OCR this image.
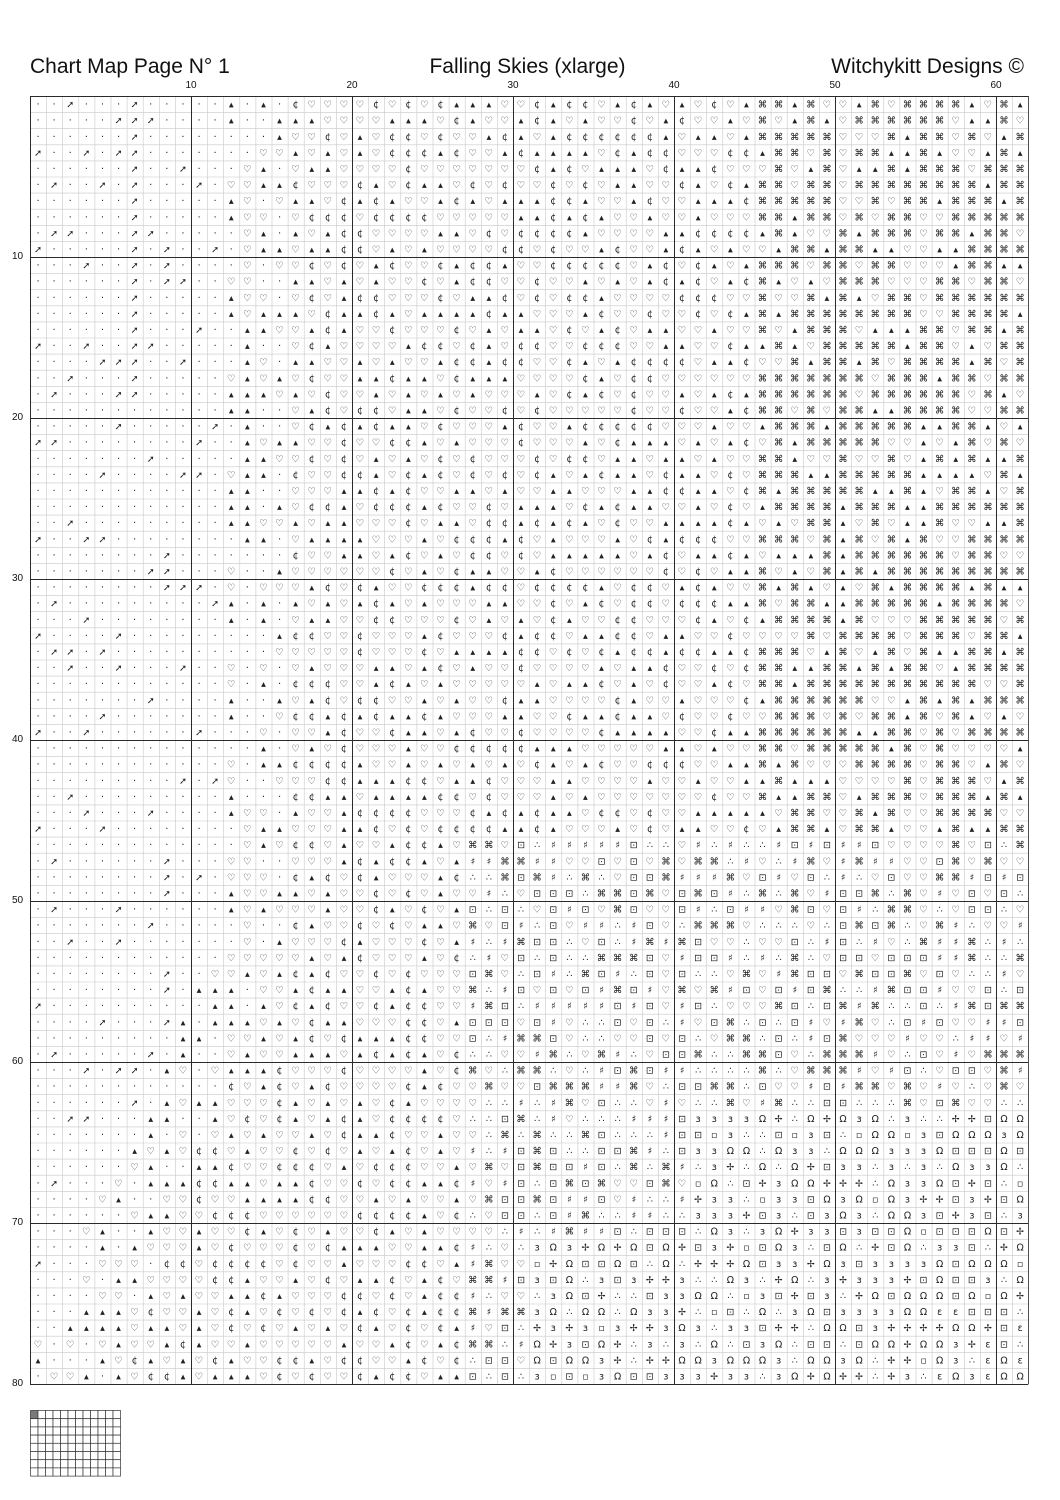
Chart Map Page N° 1	Falling Skies (xlarge)	Witchykitt Designs ©
10	20	30	40	50	60
10
20
30
40
50
60
70
80
· · ➚ · · · ➚ · · · · · ▴ · ▴ · ¢ ♡ ♡ ♡ ♡ ¢ ♡ ¢ ♡ ¢ ▴ ▴ ▴ ♡ ♡ ¢ ▴ ¢ ¢ ♡ ▴ ¢ ▴ ♡ ▴ ♡ ¢ ♡ ▴ ⌘ ⌘ ▴ ⌘ ♡ ♡ ▴ ⌘ ♡ ⌘ ⌘ ⌘ ⌘ ▴ ♡ ⌘ ▴
· · · · · ➚ ➚ ➚ · · · · ▴ · · ▴ ▴ ▴ ♡ ♡ ♡ ♡ ▴ ▴ ▴ ♡ ¢ ▴ ♡ ♡ ▴ ¢ ▴ ♡ ▴ ♡ ♡ ¢ ♡ ▴ ¢ ♡ ♡ ▴ ♡ ⌘ ♡ ▴ ⌘ ▴ ♡ ⌘ ⌘ ⌘ ⌘ ⌘ ⌘ ♡ ▴ ▴ ⌘ ♡
· · · · · · ➚ · · · · · · · · ▴ ♡ ♡ ¢ ♡ ▴ ♡ ¢ ¢ ♡ ¢ ♡ ♡ ▴ ¢ ▴ ♡ ▴ ¢ ¢ ¢ ¢ ¢ ¢ ▴ ♡ ▴ ▴ ♡ ▴ ⌘ ⌘ ⌘ ⌘ ⌘ ♡ ♡ ♡ ⌘ ▴ ⌘ ⌘ ♡ ⌘ ♡ ▴ ⌘
➚ · · ➚ · ➚ ➚ · · · · · · · ♡ ♡ ▴ ♡ ▴ ♡ ▴ ♡ ¢ ¢ ¢ ▴ ¢ ♡ ♡ ▴ ¢ ▴ ▴ ▴ ▴ ♡ ¢ ▴ ¢ ¢ ♡ ♡ ♡ ¢ ¢ ▴ ⌘ ⌘ ♡ ⌘ ♡ ⌘ ⌘ ▴ ▴ ⌘ ▴ ♡ ♡ ▴ ⌘ ▴
· · · · · · ➚ · · ➚ · · · ♡ ▴ · ♡ ▴ ▴ ♡ ♡ ♡ ♡ ¢ ♡ ♡ ♡ ♡ ♡ ♡ ♡ ¢ ▴ ¢ ♡ ▴ ▴ ▴ ♡ ¢ ▴ ▴ ¢ ♡ ♡ ♡ ⌘ ♡ ▴ ⌘ ♡ ▴ ▴ ⌘ ▴ ⌘ ⌘ ⌘ ♡ ⌘ ⌘ ⌘
· ➚ · · ➚ · ➚ · · · ➚ · ♡ ♡ ▴ ▴ ¢ ♡ ♡ ♡ ¢ ▴ ♡ ¢ ▴ ▴ ♡ ¢ ♡ ¢ ♡ ♡ ¢ ♡ ¢ ♡ ▴ ▴ ♡ ♡ ¢ ▴ ♡ ¢ ▴ ⌘ ⌘ ♡ ⌘ ⌘ ♡ ⌘ ⌘ ⌘ ⌘ ⌘ ⌘ ⌘ ⌘ ▴ ⌘ ⌘
· · · · · · ➚ · · · · · ▴ ♡ · ♡ ▴ ▴ ♡ ¢ ▴ ¢ ▴ ♡ ♡ ▴ ¢ ▴ ♡ ▴ ▴ ▴ ¢ ¢ ▴ ♡ ♡ ▴ ¢ ♡ ♡ ▴ ▴ ▴ ¢ ⌘ ⌘ ⌘ ⌘ ⌘ ♡ ♡ ⌘ ♡ ⌘ ⌘ ▴ ⌘ ⌘ ⌘ ▴ ⌘
· · · · · · ➚ · · · · · ▴ ♡ ♡ · ♡ ¢ ¢ ¢ ♡ ¢ ¢ ¢ ¢ ♡ ♡ ♡ ♡ ♡ ▴ ▴ ¢ ▴ ¢ ▴ ♡ ♡ ▴ ♡ ♡ ▴ ♡ ♡ ♡ ⌘ ⌘ ▴ ⌘ ⌘ ♡ ⌘ ♡ ⌘ ⌘ ♡ ♡ ⌘ ⌘ ⌘ ⌘ ⌘
· ➚ ➚ · · · ➚ ➚ · · · · · ♡ ▴ · ▴ ♡ ▴ ¢ ¢ ♡ ♡ ♡ ♡ ▴ ▴ ♡ ¢ ♡ ¢ ¢ ¢ ¢ ▴ ♡ ♡ ♡ ♡ ▴ ▴ ¢ ¢ ¢ ¢ ▴ ⌘ ▴ ♡ ♡ ⌘ ▴ ⌘ ⌘ ⌘ ♡ ⌘ ⌘ ▴ ⌘ ⌘ ♡
➚ · · · · · ➚ · ➚ · · ➚ · ♡ ▴ ▴ ♡ ▴ ▴ ¢ ¢ ♡ ▴ ♡ ▴ ♡ ♡ ♡ ♡ ¢ ¢ ♡ ¢ ♡ ♡ ▴ ¢ ♡ ♡ ▴ ¢ ▴ ♡ ▴ ♡ ♡ ▴ ⌘ ⌘ ▴ ⌘ ⌘ ▴ ▴ ♡ ♡ ▴ ▴ ⌘ ⌘ ⌘ ⌘
· · · ➚ · · ➚ · ➚ · · · · ♡ · ♡ ♡ ¢ ♡ ¢ ♡ ▴ ¢ ♡ ♡ ¢ ▴ ¢ ¢ ▴ ♡ ♡ ¢ ¢ ¢ ¢ ¢ ♡ ▴ ¢ ♡ ¢ ▴ ♡ ▴ ⌘ ⌘ ⌘ ♡ ⌘ ⌘ ♡ ⌘ ⌘ ♡ ♡ ♡ ▴ ⌘ ⌘ ▴ ▴
· · · · · · ➚ · ➚ ➚ · · ♡ ♡ · · ▴ ▴ ♡ ▴ ♡ ▴ ♡ ♡ ¢ ♡ ▴ ¢ ¢ ♡ ♡ ¢ ♡ ♡ ▴ ♡ ▴ ♡ ▴ ¢ ▴ ¢ ♡ ▴ ¢ ⌘ ▴ ♡ ▴ ♡ ⌘ ⌘ ⌘ ♡ ♡ ♡ ⌘ ⌘ ♡ ⌘ ⌘ ♡
· · · · · · ➚ · · · · · ▴ ♡ ♡ · ♡ ¢ ♡ ▴ ¢ ¢ ♡ ♡ ♡ ¢ ♡ ▴ ▴ ¢ ♡ ¢ ♡ ¢ ¢ ▴ ♡ ♡ ♡ ♡ ¢ ¢ ¢ ♡ ♡ ⌘ ♡ ♡ ⌘ ▴ ⌘ ▴ ♡ ⌘ ⌘ ♡ ⌘ ⌘ ⌘ ⌘ ⌘ ⌘
· · · · · · ➚ · · · · · ▴ ♡ ▴ ▴ ▴ ♡ ¢ ▴ ▴ ¢ ▴ ♡ ▴ ▴ ▴ ▴ ¢ ▴ ▴ ♡ ♡ ♡ ▴ ¢ ♡ ♡ ¢ ♡ ♡ ¢ ♡ ¢ ▴ ⌘ ▴ ⌘ ⌘ ⌘ ⌘ ⌘ ⌘ ⌘ ⌘ ♡ ♡ ⌘ ⌘ ⌘ ⌘ ▴
· · · · · · ➚ · · · ➚ · · ▴ ▴ ♡ ♡ ▴ ¢ ▴ ♡ ♡ ¢ ♡ ♡ ♡ ¢ ♡ ▴ ♡ ▴ ▴ ♡ ¢ ♡ ▴ ¢ ♡ ▴ ▴ ♡ ♡ ▴ ♡ ♡ ⌘ ♡ ▴ ⌘ ⌘ ⌘ ♡ ▴ ▴ ▴ ⌘ ⌘ ♡ ⌘ ⌘ ▴ ⌘
➚ · · ➚ · · ➚ ➚ · · · · · ▴ · · ♡ ¢ ▴ ♡ ♡ ♡ ♡ ▴ ¢ ¢ ♡ ¢ ▴ ♡ ¢ ¢ ♡ ♡ ¢ ¢ ¢ ♡ ♡ ▴ ▴ ♡ ♡ ¢ ▴ ▴ ⌘ ▴ ♡ ⌘ ⌘ ⌘ ⌘ ⌘ ▴ ⌘ ⌘ ♡ ▴ ♡ ⌘ ⌘
· · · · ➚ ➚ ➚ · · ➚ · · · ▴ ♡ · ▴ ▴ ♡ ♡ ▴ ♡ ▴ ♡ ♡ ▴ ¢ ¢ ▴ ¢ ¢ ♡ ♡ ¢ ▴ ♡ ▴ ¢ ¢ ¢ ¢ ♡ ▴ ▴ ¢ ♡ ♡ ⌘ ▴ ⌘ ⌘ ▴ ⌘ ♡ ⌘ ⌘ ⌘ ⌘ ▴ ⌘ ♡ ⌘
· · ➚ · · · ➚ · · · · · ♡ ▴ ♡ ▴ ♡ ¢ ♡ ♡ ▴ ▴ ¢ ▴ ▴ ♡ ¢ ▴ ▴ ▴ ♡ ♡ ♡ ♡ ¢ ▴ ♡ ¢ ¢ ♡ ♡ ♡ ♡ ♡ ♡ ⌘ ⌘ ⌘ ⌘ ⌘ ⌘ ⌘ ♡ ⌘ ⌘ ⌘ ▴ ⌘ ⌘ ♡ ⌘ ⌘
· ➚ · · · ➚ ➚ · · · · · ▴ ▴ ▴ ♡ ▴ ♡ ¢ ♡ ♡ ▴ ♡ ▴ ♡ ▴ ♡ ▴ ♡ ♡ ♡ ▴ ♡ ¢ ▴ ¢ ♡ ¢ ♡ ♡ ▴ ♡ ▴ ¢ ▴ ⌘ ⌘ ⌘ ⌘ ⌘ ⌘ ♡ ⌘ ⌘ ⌘ ⌘ ⌘ ⌘ ♡ ⌘ ▴ ♡
· · · · · · · · · · · · ▴ ▴ · · ♡ ▴ ¢ ♡ ¢ ¢ ♡ ▴ ▴ ♡ ¢ ♡ ♡ ¢ ♡ ¢ ♡ ♡ ♡ ♡ ♡ ¢ ♡ ♡ ¢ ♡ ♡ ▴ ¢ ⌘ ⌘ ♡ ⌘ ♡ ⌘ ⌘ ▴ ▴ ⌘ ⌘ ⌘ ⌘ ♡ ♡ ⌘ ⌘
· · · · · ➚ · · · · · ➚ · ▴ · · ♡ ¢ ▴ ¢ ▴ ¢ ▴ ▴ ♡ ¢ ♡ ♡ ♡ ▴ ¢ ♡ ♡ ▴ ¢ ¢ ¢ ¢ ¢ ♡ ♡ ♡ ▴ ♡ ♡ ▴ ⌘ ⌘ ⌘ ▴ ⌘ ⌘ ⌘ ⌘ ⌘ ▴ ▴ ⌘ ⌘ ▴ ♡ ▴
➚ ➚ · · · · · · · · ➚ · · ▴ ♡ ▴ ▴ ♡ ♡ ¢ ♡ ♡ ¢ ¢ ▴ ♡ ▴ ♡ ♡ ♡ ¢ ♡ ♡ ♡ ▴ ♡ ¢ ▴ ▴ ▴ ♡ ▴ ♡ ▴ ¢ ♡ ⌘ ▴ ⌘ ⌘ ⌘ ⌘ ⌘ ♡ ♡ ▴ ♡ ▴ ⌘ ♡ ⌘ ♡
· · · · · · · ➚ · · · · · ▴ ▴ ♡ ♡ ¢ ♡ ¢ ♡ ▴ ♡ ▴ ♡ ¢ ♡ ¢ ♡ ♡ ♡ ¢ ♡ ¢ ¢ ♡ ▴ ▴ ♡ ▴ ▴ ♡ ▴ ♡ ♡ ⌘ ⌘ ▴ ♡ ♡ ⌘ ♡ ♡ ⌘ ♡ ▴ ⌘ ▴ ⌘ ▴ ▴ ⌘
· · · · ➚ · · · · ➚ ➚ · ♡ ▴ ▴ · ¢ ♡ ♡ ¢ ¢ ▴ ♡ ¢ ▴ ¢ ♡ ¢ ♡ ¢ ♡ ¢ ▴ ♡ ▴ ¢ ▴ ▴ ♡ ¢ ▴ ▴ ♡ ¢ ♡ ⌘ ⌘ ⌘ ▴ ▴ ⌘ ⌘ ⌘ ⌘ ⌘ ▴ ▴ ▴ ▴ ♡ ⌘ ▴
· · · · · · · · · · · · ▴ ▴ · · ♡ ♡ ♡ ▴ ▴ ¢ ▴ ¢ ♡ ♡ ▴ ▴ ♡ ▴ ♡ ♡ ▴ ▴ ♡ ♡ ♡ ▴ ▴ ¢ ¢ ▴ ▴ ♡ ¢ ⌘ ▴ ⌘ ⌘ ⌘ ⌘ ⌘ ▴ ▴ ⌘ ▴ ♡ ⌘ ⌘ ▴ ♡ ⌘
· · · · · · · · · · · · ▴ ▴ · ▴ ♡ ¢ ¢ ▴ ♡ ¢ ¢ ¢ ▴ ¢ ♡ ♡ ¢ ♡ ▴ ▴ ▴ ♡ ¢ ▴ ¢ ▴ ▴ ♡ ♡ ▴ ♡ ¢ ♡ ▴ ⌘ ⌘ ⌘ ⌘ ▴ ⌘ ⌘ ⌘ ▴ ▴ ⌘ ⌘ ⌘ ⌘ ⌘ ⌘
· · ➚ · · · · · · · · · ▴ ▴ ♡ ♡ ▴ ♡ ▴ ▴ ♡ ♡ ♡ ¢ ♡ ▴ ▴ ♡ ¢ ¢ ▴ ¢ ▴ ¢ ▴ ♡ ¢ ♡ ♡ ▴ ▴ ▴ ▴ ¢ ▴ ♡ ▴ ♡ ⌘ ⌘ ▴ ♡ ⌘ ♡ ▴ ▴ ⌘ ♡ ♡ ▴ ▴ ⌘
➚ · · ➚ ➚ · · · · · · · · ▴ ▴ · ♡ ▴ ▴ ▴ ▴ ♡ ♡ ♡ ▴ ♡ ¢ ¢ ¢ ▴ ¢ ♡ ▴ ♡ ♡ ♡ ▴ ♡ ¢ ▴ ¢ ¢ ¢ ♡ ♡ ⌘ ⌘ ⌘ ♡ ⌘ ▴ ⌘ ♡ ⌘ ▴ ⌘ ♡ ♡ ⌘ ⌘ ⌘ ⌘
· · · · · · · · ➚ · · · · · · · ¢ ♡ ♡ ▴ ▴ ♡ ▴ ¢ ♡ ▴ ♡ ¢ ¢ ♡ ¢ ♡ ▴ ▴ ▴ ▴ ▴ ♡ ▴ ¢ ♡ ▴ ▴ ¢ ▴ ♡ ▴ ▴ ▴ ⌘ ▴ ⌘ ⌘ ⌘ ⌘ ⌘ ⌘ ♡ ⌘ ⌘ ♡ ♡
· · · · · · · ➚ ➚ · · · ♡ · · ▴ ♡ ♡ ♡ ♡ ♡ ♡ ¢ ♡ ▴ ♡ ¢ ▴ ▴ ♡ ♡ ▴ ¢ ♡ ♡ ♡ ♡ ♡ ♡ ¢ ♡ ¢ ♡ ▴ ▴ ⌘ ♡ ▴ ♡ ⌘ ▴ ⌘ ▴ ⌘ ⌘ ⌘ ⌘ ⌘ ⌘ ⌘ ⌘ ⌘
· · · · · · · · ➚ ➚ ➚ · ♡ · ♡ ♡ ♡ ▴ ¢ ♡ ¢ ▴ ♡ ♡ ¢ ¢ ¢ ▴ ¢ ¢ ♡ ¢ ¢ ¢ ¢ ▴ ♡ ¢ ¢ ♡ ▴ ¢ ▴ ♡ ♡ ⌘ ▴ ⌘ ▴ ♡ ▴ ♡ ⌘ ▴ ⌘ ⌘ ⌘ ⌘ ▴ ⌘ ▴ ▴
· ➚ · · · · · · · · · ➚ ▴ · ▴ · ▴ ♡ ▴ ♡ ▴ ¢ ▴ ♡ ▴ ♡ ♡ ♡ ▴ ▴ ♡ ♡ ¢ ♡ ▴ ¢ ♡ ¢ ¢ ♡ ¢ ¢ ¢ ▴ ▴ ⌘ ♡ ⌘ ⌘ ▴ ▴ ⌘ ⌘ ⌘ ⌘ ⌘ ▴ ⌘ ⌘ ⌘ ⌘ ♡
· · · ➚ · · · · · · · · ▴ · ▴ · ♡ ▴ ▴ ♡ ♡ ¢ ¢ ♡ ♡ ♡ ¢ ♡ ▴ ♡ ▴ ♡ ¢ ▴ ♡ ♡ ¢ ¢ ♡ ♡ ♡ ¢ ▴ ♡ ¢ ▴ ⌘ ⌘ ⌘ ⌘ ▴ ⌘ ♡ ♡ ♡ ⌘ ⌘ ⌘ ⌘ ⌘ ♡ ⌘
➚ · · · · ➚ · · · · · · · · · ▴ ¢ ¢ ♡ ♡ ¢ ♡ ♡ ♡ ▴ ¢ ♡ ♡ ♡ ¢ ▴ ¢ ¢ ♡ ▴ ▴ ¢ ¢ ♡ ▴ ▴ ♡ ♡ ¢ ♡ ♡ ♡ ♡ ⌘ ♡ ⌘ ⌘ ⌘ ⌘ ♡ ⌘ ⌘ ⌘ ♡ ⌘ ⌘ ▴
· ➚ ➚ · ➚ · · · · · · · · · · ♡ ♡ ♡ ♡ ♡ ¢ ♡ ♡ ♡ ¢ ♡ ▴ ▴ ▴ ▴ ¢ ¢ ♡ ¢ ♡ ¢ ▴ ¢ ¢ ▴ ¢ ¢ ▴ ▴ ¢ ⌘ ⌘ ⌘ ♡ ▴ ⌘ ♡ ▴ ⌘ ♡ ⌘ ▴ ▴ ⌘ ⌘ ▴ ⌘
· · ➚ · · ➚ · · · ➚ · · ♡ · ♡ · ♡ ▴ ♡ ♡ ♡ ▴ ▴ ♡ ▴ ¢ ♡ ▴ ♡ ♡ ¢ ♡ ♡ ♡ ♡ ▴ ♡ ▴ ▴ ¢ ♡ ♡ ¢ ♡ ¢ ⌘ ⌘ ▴ ▴ ⌘ ⌘ ▴ ⌘ ▴ ⌘ ⌘ ♡ ▴ ⌘ ⌘ ⌘ ⌘
· · · · · · · · · · · · ♡ · ▴ · ¢ ¢ ¢ ♡ ♡ ▴ ¢ ▴ ♡ ▴ ♡ ♡ ♡ ♡ ♡ ▴ ♡ ▴ ▴ ¢ ♡ ▴ ♡ ¢ ♡ ♡ ▴ ¢ ♡ ⌘ ⌘ ▴ ⌘ ⌘ ⌘ ⌘ ⌘ ⌘ ⌘ ⌘ ⌘ ⌘ ⌘ ♡ ♡ ⌘
· · · · · · · ➚ · · · · ▴ · · ▴ ♡ ▴ ¢ ♡ ¢ ¢ ♡ ♡ ▴ ♡ ▴ ♡ ♡ ¢ ▴ ▴ ♡ ♡ ♡ ♡ ¢ ▴ ♡ ♡ ▴ ♡ ♡ ♡ ¢ ▴ ⌘ ⌘ ⌘ ⌘ ⌘ ⌘ ♡ ♡ ▴ ⌘ ▴ ⌘ ▴ ⌘ ⌘ ⌘
· · · · ➚ · · · · · · · ▴ · · ♡ ¢ ¢ ▴ ¢ ▴ ¢ ▴ ▴ ¢ ▴ ♡ ♡ ♡ ▴ ▴ ♡ ♡ ¢ ▴ ▴ ¢ ▴ ▴ ♡ ¢ ♡ ♡ ¢ ♡ ♡ ⌘ ⌘ ⌘ ♡ ⌘ ♡ ⌘ ⌘ ▴ ⌘ ♡ ⌘ ▴ ♡ ▴ ♡
➚ · · ➚ · · · · · · ➚ · · · ♡ · ♡ ♡ ▴ ¢ ♡ ♡ ¢ ▴ ▴ ♡ ▴ ¢ ♡ ♡ ¢ ♡ ♡ ♡ ♡ ¢ ▴ ▴ ▴ ▴ ♡ ♡ ¢ ▴ ▴ ⌘ ⌘ ⌘ ⌘ ⌘ ⌘ ▴ ▴ ⌘ ⌘ ♡ ⌘ ♡ ⌘ ⌘ ⌘ ⌘
· · · · · · · · · · · · · · ▴ · ♡ ▴ ♡ ¢ ♡ ♡ ♡ ▴ ♡ ♡ ¢ ¢ ¢ ¢ ¢ ▴ ▴ ▴ ♡ ♡ ♡ ♡ ♡ ▴ ▴ ♡ ▴ ♡ ♡ ⌘ ⌘ ♡ ⌘ ⌘ ⌘ ⌘ ⌘ ▴ ⌘ ♡ ⌘ ♡ ♡ ♡ ♡ ▴
· · · · · · · · · · · · ♡ · ▴ ▴ ¢ ¢ ¢ ¢ ▴ ♡ ♡ ▴ ♡ ▴ ♡ ▴ ♡ ▴ ♡ ¢ ▴ ♡ ▴ ¢ ♡ ♡ ¢ ¢ ¢ ♡ ♡ ▴ ▴ ⌘ ▴ ⌘ ♡ ♡ ♡ ⌘ ⌘ ⌘ ⌘ ♡ ⌘ ⌘ ♡ ▴ ⌘ ♡
· · · · · · · · · ➚ · ➚ ♡ · · ♡ ♡ ♡ ¢ ¢ ▴ ▴ ▴ ¢ ¢ ♡ ▴ ▴ ¢ ♡ ♡ ♡ ▴ ▴ ♡ ♡ ♡ ♡ ▴ ♡ ♡ ▴ ♡ ♡ ▴ ▴ ⌘ ▴ ▴ ▴ ♡ ♡ ♡ ♡ ⌘ ♡ ⌘ ⌘ ⌘ ♡ ▴ ⌘
· · ➚ · · · · · · · · · ▴ · · · ¢ ¢ ▴ ▴ ♡ ▴ ▴ ▴ ▴ ¢ ¢ ♡ ¢ ♡ ♡ ♡ ▴ ♡ ▴ ♡ ♡ ♡ ♡ ♡ ♡ ♡ ¢ ♡ ♡ ⌘ ▴ ▴ ⌘ ⌘ ♡ ▴ ⌘ ⌘ ⌘ ♡ ⌘ ⌘ ⌘ ▴ ⌘ ▴
· · · ➚ · · · ➚ · · · · ▴ ♡ ♡ · ▴ ♡ ♡ ▴ ¢ ¢ ¢ ¢ ♡ ♡ ♡ ¢ ▴ ¢ ▴ ¢ ▴ ▴ ♡ ¢ ¢ ♡ ¢ ♡ ♡ ▴ ▴ ▴ ▴ ▴ ♡ ⌘ ⌘ ♡ ♡ ⌘ ▴ ⌘ ♡ ♡ ⌘ ⌘ ⌘ ⌘ ♡ ♡
➚ · · · ➚ · · · · · · · · ♡ ▴ ▴ ♡ ♡ ♡ ▴ ▴ ¢ ♡ ¢ ♡ ¢ ¢ ¢ ¢ ▴ ▴ ¢ ▴ ♡ ♡ ♡ ▴ ♡ ¢ ♡ ▴ ▴ ♡ ♡ ¢ ♡ ▴ ⌘ ⌘ ▴ ♡ ⌘ ⌘ ▴ ♡ ♡ ▴ ⌘ ▴ ▴ ⌘ ⌘
· · · · · · · · · · · · · ♡ ▴ ♡ ¢ ¢ ♡ ▴ ♡ ♡ ▴ ¢ ¢ ▴ ♡ ⌘ ⌘ ♡ ⊡ ∴ ♯ ♯ ♯ ♯ ♯ ⊡ ∴ ∴ ♡ ♯ ∴ ♯ ∴ ∴ ♯ ⊡ ♯ ⊡ ♯ ♯ ⊡ ♡ ♡ ♡ ♡ ⌘ ♡ ⊡ ∴ ⌘
· ➚ · · · · · · ➚ · · · ♡ ♡ · · ♡ ♡ ♡ ▴ ¢ ▴ ¢ ¢ ▴ ♡ ▴ ♯ ♯ ⌘ ⌘ ♯ ♯ ♡ ♡ ⊡ ♡ ⊡ ♡ ⌘ ♡ ⌘ ⌘ ∴ ♯ ♡ ∴ ♯ ⌘ ♡ ♯ ⌘ ♯ ♯ ♡ ♡ ⊡ ⌘ ♡ ⌘ ♡ ♡
· · · · · · · · ➚ · ➚ · ♡ ♡ ♡ · ¢ ▴ ¢ ♡ ¢ ▴ ♡ ♡ ♡ ▴ ¢ ∴ ∴ ⌘ ⊡ ⌘ ♯ ∴ ⌘ ∴ ♡ ⊡ ⊡ ⌘ ♯ ♯ ♯ ⌘ ♡ ⊡ ♯ ♡ ⊡ ∴ ♯ ∴ ♡ ⊡ ♡ ♡ ⌘ ⌘ ♯ ⊡ ♯ ⊡
· · · · · · · · ➚ · · · ▴ ♡ ♡ ▴ ▴ ♡ ▴ ♡ ♡ ¢ ♡ ¢ ♡ ▴ ♡ ♡ ♯ ∴ ♡ ⊡ ⊡ ⊡ ∴ ⌘ ⌘ ⊡ ⌘ ♡ ⊡ ⌘ ⊡ ♯ ∴ ⌘ ∴ ⌘ ♡ ♯ ⊡ ⊡ ⌘ ∴ ⌘ ♡ ♯ ♡ ⊡ ♡ ⊡ ∴
· ➚ · · · ➚ · · · · · · ▴ ♡ ▴ ♡ ♡ ♡ ▴ ♡ ♡ ¢ ▴ ♡ ¢ ♡ ▴ ⊡ ∴ ⊡ ∴ ♡ ⊡ ♯ ⊡ ♡ ⌘ ⊡ ♡ ♡ ⊡ ♯ ∴ ⊡ ♯ ♯ ♡ ⌘ ⊡ ♡ ⊡ ♯ ∴ ⌘ ⌘ ♡ ∴ ♡ ⊡ ⊡ ∴ ♡
· · · · · · · ➚ · · · · · ♡ · · ¢ ▴ ♡ ♡ ¢ ♡ ¢ ♡ ▴ ▴ ♡ ⌘ ♡ ⊡ ♯ ∴ ⊡ ♡ ♯ ♯ ∴ ♯ ⊡ ♡ ∴ ⌘ ⌘ ⌘ ♡ ∴ ∴ ∴ ♡ ∴ ⊡ ⌘ ⊡ ⌘ ∴ ♡ ⌘ ♯ ∴ ♡ ♡ ♯
· · ➚ · · ➚ · · · · · · · ♡ · ▴ ♡ ♡ ♡ ¢ ▴ ♡ ♡ ♡ ¢ ♡ ▴ ♯ ∴ ♯ ⌘ ⊡ ⊡ ∴ ♡ ⊡ ∴ ♯ ⌘ ♯ ⌘ ⊡ ♡ ♡ ∴ ♡ ♡ ⊡ ∴ ♯ ⊡ ∴ ♯ ♡ ∴ ⌘ ♯ ♯ ⌘ ∴ ♯ ∴
· · · · · · · · · · · · ♡ ♡ ♡ ♡ ♡ ▴ ♡ ▴ ¢ ♡ ♡ ♡ ▴ ♡ ¢ ∴ ♯ ♡ ⊡ ∴ ⊡ ∴ ∴ ⌘ ⌘ ⌘ ⊡ ♡ ♯ ⊡ ⊡ ♯ ∴ ♯ ∴ ⌘ ∴ ♡ ⊡ ⊡ ♡ ⊡ ⊡ ⊡ ♯ ♯ ⌘ ∴ ∴ ⌘
· · · · · · · · ➚ · · ♡ ♡ ▴ ♡ ▴ ¢ ▴ ¢ ♡ ♡ ¢ ♡ ¢ ♡ ♡ ♡ ⊡ ⌘ ♡ ∴ ⊡ ♯ ∴ ⌘ ⊡ ♯ ∴ ⊡ ♡ ⊡ ∴ ∴ ♡ ⌘ ♡ ♯ ⌘ ⊡ ⊡ ♡ ⌘ ⊡ ⊡ ⌘ ♡ ⊡ ♡ ∴ ∴ ♯ ♡
· · · · · · · · ➚ · ▴ ▴ ▴ · ♡ ♡ ▴ ¢ ▴ ▴ ♡ ♡ ▴ ¢ ▴ ♡ ♡ ⌘ ∴ ♯ ⊡ ♡ ⊡ ♡ ⊡ ♯ ⌘ ⊡ ♯ ♡ ⌘ ♡ ⌘ ♯ ⊡ ♡ ⊡ ♯ ⊡ ⌘ ∴ ∴ ♯ ⌘ ⊡ ⊡ ♯ ♡ ♡ ⊡ ∴ ⊡
➚ · · · · · · · · · · ▴ ▴ · ▴ ♡ ¢ ▴ ¢ ♡ ♡ ¢ ▴ ¢ ¢ ♡ ♡ ♯ ⌘ ⊡ ∴ ♯ ♯ ♯ ♯ ♯ ⊡ ♯ ⊡ ♡ ♯ ⊡ ∴ ♡ ♡ ♡ ⌘ ⊡ ∴ ⊡ ⌘ ♯ ⌘ ∴ ∴ ⊡ ∴ ♯ ⌘ ⊡ ⌘ ⌘
· · · · ➚ · · · ➚ ▴ · ▴ ▴ ▴ ♡ ▴ ♡ ¢ ▴ ▴ ♡ ♡ ♡ ¢ ¢ ♡ ▴ ⊡ ⊡ ⊡ ♡ ⊡ ♯ ♡ ∴ ∴ ⊡ ♡ ⊡ ∴ ♯ ♡ ⊡ ⌘ ∴ ⊡ ∴ ⊡ ♯ ♡ ♯ ⌘ ♡ ∴ ⊡ ♯ ⊡ ♡ ♡ ♯ ♯ ⊡
· · · · · · · · · ▴ ▴ · ♡ ♡ ▴ ♡ ▴ ¢ ♡ ¢ ▴ ▴ ▴ ¢ ¢ ♡ ♡ ⊡ ∴ ♯ ⌘ ⌘ ⊡ ♡ ∴ ∴ ♡ ♡ ⊡ ♡ ⊡ ∴ ♡ ⌘ ⌘ ∴ ⊡ ∴ ♯ ⊡ ⌘ ♡ ♡ ♡ ♯ ♡ ♡ ∴ ♯ ♯ ♡ ♯
· ➚ · · · · · ➚ · ▴ · · ♡ ▴ ♡ ♡ ▴ ▴ ▴ ♡ ▴ ¢ ▴ ¢ ▴ ♡ ¢ ∴ ∴ ♡ ♡ ♯ ⌘ ∴ ♡ ⌘ ♯ ∴ ♡ ⊡ ⊡ ⌘ ∴ ∴ ⌘ ⌘ ⊡ ♡ ∴ ⌘ ⌘ ⌘ ♯ ♡ ∴ ⊡ ♡ ♯ ♡ ⌘ ⌘ ⌘
· · · ➚ · ➚ ➚ · ▴ ♡ · ♡ ▴ ▴ ▴ ¢ ♡ ♡ ♡ ¢ ♡ ♡ ♡ ♡ ▴ ♡ ¢ ⌘ ♡ ∴ ⌘ ⌘ ∴ ♡ ∴ ♯ ⊡ ⌘ ⊡ ♯ ♯ ∴ ∴ ∴ ∴ ⌘ ∴ ♡ ⌘ ⌘ ⌘ ♯ ♡ ♯ ⊡ ∴ ♡ ⊡ ⊡ ♡ ⌘ ♯
· · · · · · · · · · · · ¢ ♡ ▴ ¢ ♡ ▴ ¢ ♡ ♡ ♡ ♡ ¢ ▴ ¢ ♡ ♡ ⌘ ♡ ♡ ⊡ ⌘ ⌘ ⌘ ♯ ♯ ⌘ ♡ ∴ ⊡ ⊡ ⌘ ⌘ ∴ ⊡ ♡ ♡ ♯ ⊡ ♯ ⌘ ⌘ ♡ ⌘ ♡ ♯ ♡ ∴ ♡ ⌘ ♡
· · · · · · ➚ · ▴ ♡ ▴ ▴ ♡ ♡ ♡ ¢ ▴ ♡ ▴ ♡ ▴ ♡ ¢ ▴ ♡ ♡ ♡ ♡ ∴ ∴ ♯ ∴ ♯ ⌘ ♡ ⊡ ∴ ∴ ♡ ♯ ♡ ∴ ∴ ⌘ ♡ ♯ ⌘ ∴ ∴ ⊡ ⊡ ∴ ∴ ∴ ⌘ ♡ ⊡ ⌘ ♡ ♡ ∴ ∴
· · ➚ ➚ · · · ▴ ▴ · · ▴ ♡ ¢ ♡ ¢ ▴ ♡ ▴ ¢ ▴ ♡ ¢ ¢ ¢ ¢ ♡ ∴ ∴ ⊡ ⌘ ∴ ♯ ♡ ∴ ∴ ∴ ♯ ♯ ♯ ⊡ з з з з Ω ✢ ∴ Ω ✢ Ω з Ω ∴ з ∴ ∴ ✢ ✢ ⊡ Ω Ω
· · · · · · · ▴ · ♡ · ♡ ▴ ♡ ▴ ♡ ♡ ▴ ♡ ¢ ▴ ▴ ¢ ♡ ♡ ▴ ♡ ♡ ∴ ⌘ ∴ ⌘ ∴ ∴ ⌘ ⊡ ∴ ∴ ∴ ♯ ⊡ ⊡ ▫ з ∴ ∴ ⊡ ▫ з ⊡ ∴ ▫ Ω Ω ▫ з ⊡ Ω Ω Ω з Ω
· · · · · · ▴ ♡ ▴ ♡ ¢ ¢ ♡ ▴ ♡ ♡ ¢ ♡ ¢ ♡ ▴ ♡ ▴ ¢ ♡ ▴ ♡ ♯ ∴ ♯ ⊡ ⌘ ⊡ ∴ ∴ ⊡ ⊡ ⌘ ♯ ∴ ⊡ з з Ω Ω ∴ Ω з з ∴ Ω Ω Ω з з з Ω ⊡ ⊡ ⊡ Ω ⊡
· · · · · · ♡ ▴ · · ▴ ▴ ¢ ♡ ♡ ¢ ¢ ¢ ♡ ▴ ♡ ¢ ¢ ¢ ♡ ♡ ▴ ♡ ⌘ ♡ ⊡ ⌘ ⊡ ⊡ ♯ ⊡ ∴ ⌘ ∴ ⌘ ♯ ∴ з ✢ ∴ Ω ∴ Ω ✢ ⊡ з з ∴ з ∴ з ∴ Ω з з Ω ∴
· ➚ · · · ♡ · ▴ ▴ ▴ ¢ ¢ ▴ ▴ ♡ ▴ ▴ ¢ ♡ ♡ ¢ ♡ ¢ ¢ ▴ ▴ ¢ ♯ ♡ ♯ ⊡ ∴ ⊡ ⌘ ⊡ ⌘ ♡ ♡ ⊡ ⌘ ♡ ▫ Ω ∴ ⊡ ✢ з Ω Ω ✢ ✢ ✢ ∴ Ω з з Ω ⊡ ✢ ⊡ ∴ ▫
· · · · ♡ ▴ · · ♡ ♡ ¢ ♡ ♡ ▴ ▴ ▴ ▴ ¢ ¢ ♡ ♡ ▴ ♡ ▴ ♡ ♡ ▴ ♡ ⌘ ⊡ ⊡ ⌘ ⊡ ♯ ♯ ⊡ ♡ ♯ ∴ ∴ ♯ ✢ з з ∴ ▫ з з ⊡ Ω з Ω ▫ Ω з ✢ ✢ ⊡ з ✢ ⊡ Ω
· · · · · · ♡ ▴ ▴ ♡ ♡ ¢ ¢ ¢ ♡ ♡ ♡ ♡ ♡ ♡ ¢ ¢ ¢ ¢ ▴ ♡ ¢ ∴ ♡ ⊡ ⊡ ∴ ⊡ ♯ ⌘ ∴ ∴ ♯ ♯ ∴ ∴ з з з ✢ ⊡ з ∴ ⊡ з Ω з ∴ Ω Ω з ⊡ ✢ з ⊡ ∴ з
· · · ♡ ▴ · · ▴ ♡ ♡ ▴ ♡ ♡ ¢ ▴ ♡ ¢ ♡ ▴ ♡ ♡ ¢ ▴ ♡ ▴ ♡ ♡ ♡ ♡ ∴ ♯ ∴ ♯ ⌘ ♯ ♯ ⊡ ∴ ⊡ ⊡ ⊡ ∴ Ω з ∴ з Ω ✢ з з ⊡ з ⊡ ⊡ Ω ▫ ⊡ ⊡ ⊡ Ω ⊡ ✢
· · · · ▴ · ▴ ♡ ♡ ♡ ▴ ♡ ¢ ♡ ♡ ♡ ¢ ♡ ¢ ▴ ▴ ▴ ♡ ♡ ▴ ▴ ¢ ♯ ∴ ♡ ∴ з Ω з ✢ Ω ✢ Ω ⊡ Ω ✢ ⊡ з ✢ ▫ ⊡ Ω з ∴ ⊡ Ω ∴ ✢ ⊡ Ω ∴ з з ⊡ ∴ ✢ Ω
➚ · · · ♡ ♡ ♡ · ¢ ¢ ♡ ¢ ¢ ¢ ¢ ♡ ¢ ♡ ♡ ▴ ♡ ♡ ♡ ¢ ¢ ♡ ▴ ♯ ⌘ ♡ ♡ ▫ ✢ Ω ⊡ ⊡ Ω ⊡ ∴ Ω ∴ ✢ ✢ ✢ Ω ⊡ з з ✢ Ω з ⊡ з з з з Ω ⊡ Ω Ω Ω ▫
· · · ♡ · ▴ ▴ ♡ ♡ ♡ ♡ ¢ ¢ ▴ ♡ ♡ ▴ ♡ ¢ ♡ ▴ ▴ ¢ ♡ ▴ ¢ ♡ ⌘ ⌘ ♯ ⊡ з ⊡ Ω ∴ з ⊡ з ✢ ✢ з ∴ ∴ Ω з ∴ ✢ Ω ∴ з ✢ з з з ✢ ⊡ Ω ⊡ ⊡ з ∴ Ω
· · · · ♡ ♡ · ▴ ♡ ▴ ♡ ♡ ▴ ▴ ¢ ▴ ♡ ♡ ♡ ¢ ¢ ♡ ¢ ♡ ▴ ¢ ¢ ♯ ∴ ♡ ♡ ∴ з Ω ⊡ ✢ ∴ ∴ ⊡ з з Ω Ω ∴ ▫ з ⊡ ✢ ⊡ з ∴ ✢ Ω ⊡ Ω Ω Ω ⊡ Ω ▫ Ω ✢
· · · ▴ ▴ ▴ ♡ ¢ ♡ ♡ ▴ ♡ ¢ ▴ ♡ ¢ ♡ ¢ ♡ ¢ ▴ ¢ ♡ ¢ ▴ ¢ ¢ ⌘ ♯ ⌘ ⌘ з Ω ∴ Ω Ω ∴ Ω з з ✢ ∴ ▫ ⊡ ∴ Ω ∴ з Ω ⊡ з з з з Ω Ω ε ε ⊡ ⊡ ⊡ ∴
· · ▴ ▴ ▴ ▴ ♡ ▴ ▴ ♡ ▴ ♡ ¢ ♡ ¢ ♡ ▴ ♡ ▴ ♡ ¢ ▴ ♡ ¢ ♡ ¢ ▴ ♯ ♡ ⊡ ∴ ✢ з ✢ з ▫ з ✢ ✢ з Ω з ∴ з з ⊡ ✢ ✢ ∴ Ω Ω ⊡ з ✢ ✢ ✢ ✢ Ω Ω ✢ ⊡ ε
♡ · ♡ · ♡ ▴ ♡ ♡ ▴ ¢ ▴ ♡ ♡ ▴ ♡ ♡ ♡ ♡ ♡ ▴ ♡ ♡ ▴ ¢ ♡ ▴ ¢ ⌘ ⌘ ∴ ♯ Ω ✢ з ⊡ Ω ✢ ∴ з ∴ з ∴ Ω ∴ ⊡ з Ω ∴ ⊡ ⊡ ∴ ⊡ Ω Ω ✢ Ω Ω з ✢ ε ⊡ ∴
▴ · · · ▴ ♡ ¢ ▴ ♡ ▴ ♡ ¢ ▴ ♡ ♡ ¢ ¢ ▴ ♡ ¢ ¢ ♡ ♡ ▴ ¢ ♡ ¢ ∴ ⊡ ⊡ ♡ Ω ⊡ Ω Ω з ✢ ∴ ✢ ✢ Ω Ω з Ω Ω Ω з ∴ Ω Ω з Ω ∴ ✢ ✢ ▫ Ω з ∴ ε Ω ε
· ♡ ♡ ▴ · ▴ ♡ ¢ ¢ ▴ ♡ ▴ ▴ ▴ ♡ ¢ ♡ ¢ ♡ ♡ ¢ ▴ ¢ ¢ ♡ ▴ ▴ ⊡ ∴ ⊡ ∴ з ▫ ⊡ ▫ з Ω ⊡ ⊡ з з з ✢ з з ∴ з Ω ✢ Ω ✢ ✢ ∴ ✢ з ∴ ε Ω з ε Ω Ω
